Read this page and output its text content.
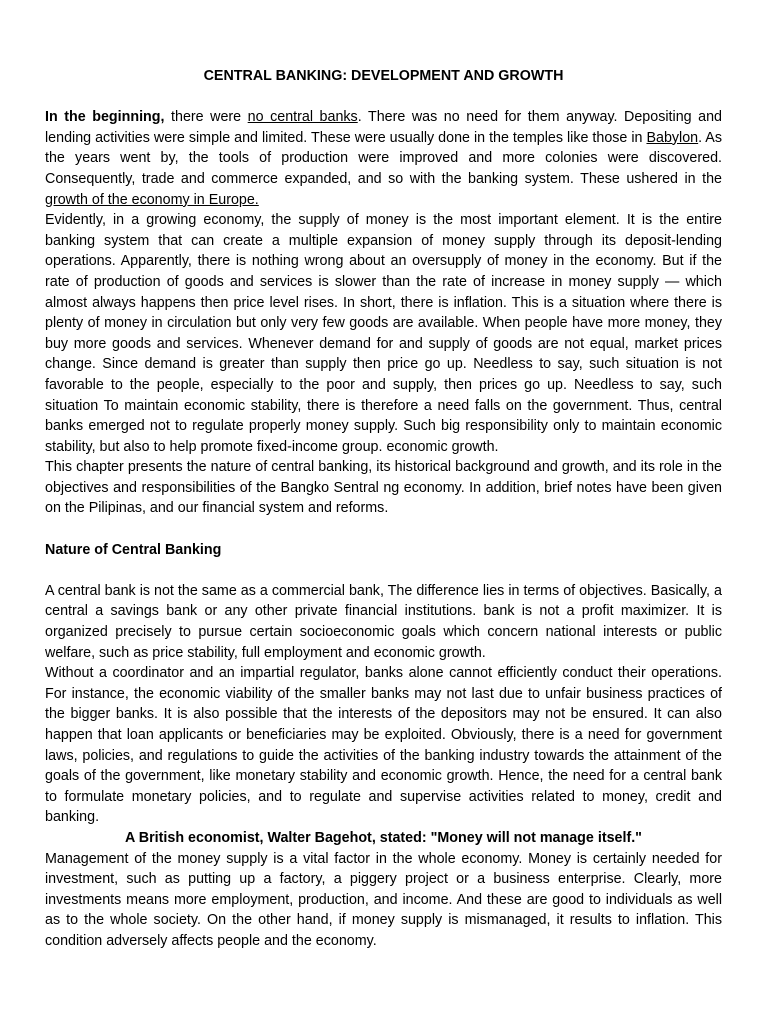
CENTRAL BANKING: DEVELOPMENT AND GROWTH

In the beginning, there were no central banks. There was no need for them anyway. Depositing and lending activities were simple and limited. These were usually done in the temples like those in Babylon. As the years went by, the tools of production were improved and more colonies were discovered. Consequently, trade and commerce expanded, and so with the banking system. These ushered in the growth of the economy in Europe.

Evidently, in a growing economy, the supply of money is the most important element. It is the entire banking system that can create a multiple expansion of money supply through its deposit-lending operations. Apparently, there is nothing wrong about an oversupply of money in the economy. But if the rate of production of goods and services is slower than the rate of increase in money supply — which almost always happens then price level rises. In short, there is inflation. This is a situation where there is plenty of money in circulation but only very few goods are available. When people have more money, they buy more goods and services. Whenever demand for and supply of goods are not equal, market prices change. Since demand is greater than supply then price go up. Needless to say, such situation is not favorable to the people, especially to the poor and supply, then prices go up. Needless to say, such situation To maintain economic stability, there is therefore a need falls on the government. Thus, central banks emerged not to regulate properly money supply. Such big responsibility only to maintain economic stability, but also to help promote fixed-income group. economic growth.

This chapter presents the nature of central banking, its historical background and growth, and its role in the objectives and responsibilities of the Bangko Sentral ng economy. In addition, brief notes have been given on the Pilipinas, and our financial system and reforms.

Nature of Central Banking

A central bank is not the same as a commercial bank, The difference lies in terms of objectives. Basically, a central a savings bank or any other private financial institutions. bank is not a profit maximizer. It is organized precisely to pursue certain socioeconomic goals which concern national interests or public welfare, such as price stability, full employment and economic growth.

Without a coordinator and an impartial regulator, banks alone cannot efficiently conduct their operations. For instance, the economic viability of the smaller banks may not last due to unfair business practices of the bigger banks. It is also possible that the interests of the depositors may not be ensured. It can also happen that loan applicants or beneficiaries may be exploited. Obviously, there is a need for government laws, policies, and regulations to guide the activities of the banking industry towards the attainment of the goals of the government, like monetary stability and economic growth. Hence, the need for a central bank to formulate monetary policies, and to regulate and supervise activities related to money, credit and banking.

A British economist, Walter Bagehot, stated: "Money will not manage itself."

Management of the money supply is a vital factor in the whole economy. Money is certainly needed for investment, such as putting up a factory, a piggery project or a business enterprise. Clearly, more investments means more employment, production, and income. And these are good to individuals as well as to the whole society. On the other hand, if money supply is mismanaged, it results to inflation. This condition adversely affects people and the economy.
